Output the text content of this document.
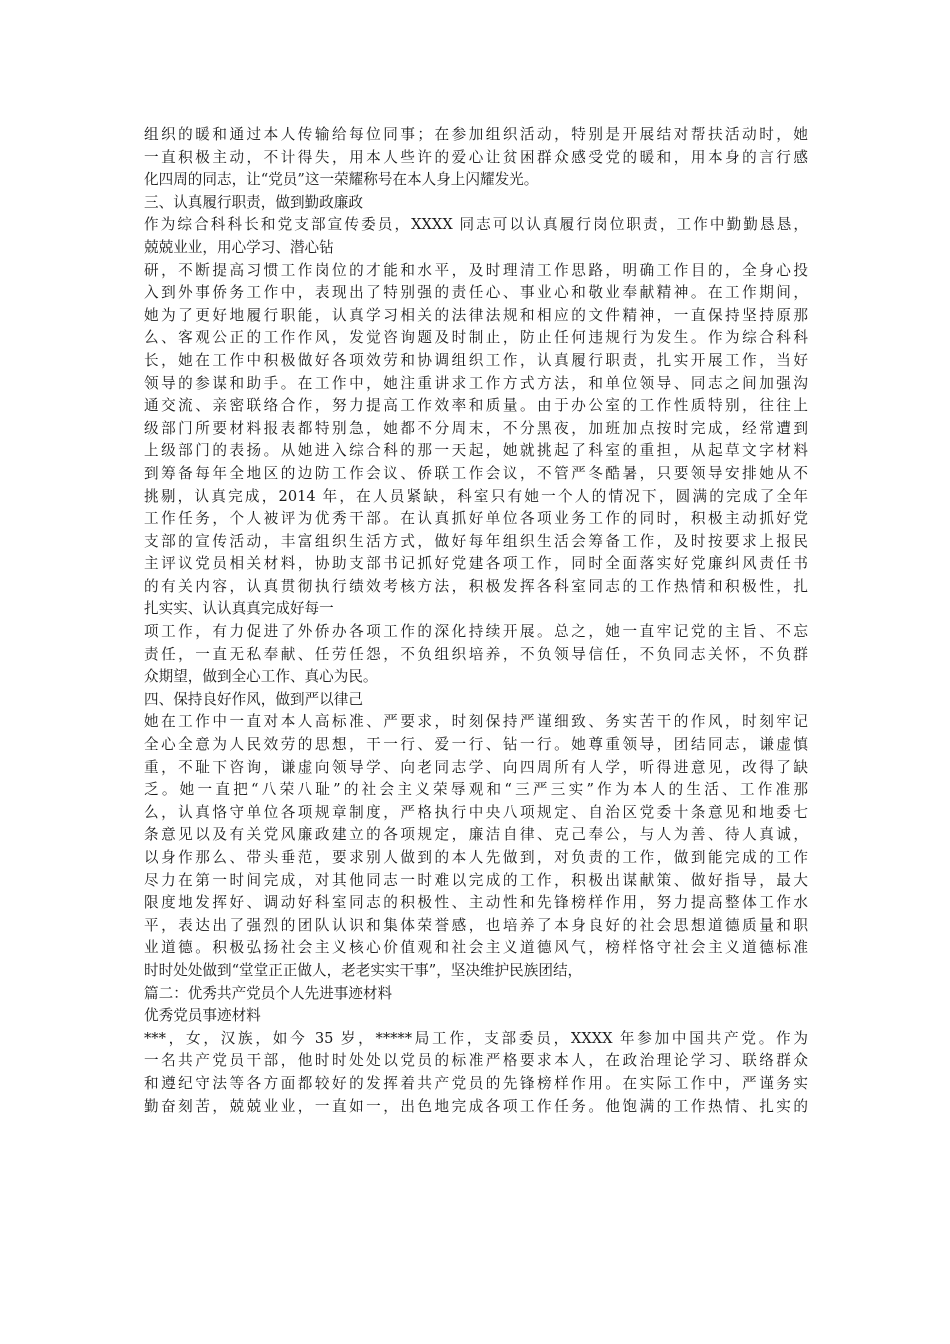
组织的暖和通过本人传输给每位同事；在参加组织活动，特别是开展结对帮扶活动时，她
一直积极主动，不计得失，用本人些许的爱心让贫困群众感受党的暖和，用本身的言行感
化四周的同志，让“党员”这一荣耀称号在本人身上闪耀发光。
三、认真履行职责，做到勤政廉政
作为综合科科长和党支部宣传委员，XXXX 同志可以认真履行岗位职责，工作中勤勤恳恳，
兢兢业业，用心学习、潜心钻
研，不断提高习惯工作岗位的才能和水平，及时理清工作思路，明确工作目的，全身心投
入到外事侨务工作中，表现出了特别强的责任心、事业心和敬业奉献精神。在工作期间，
她为了更好地履行职能，认真学习相关的法律法规和相应的文件精神，一直保持坚持原那
么、客观公正的工作作风，发觉咨询题及时制止，防止任何违规行为发生。作为综合科科
长，她在工作中积极做好各项效劳和协调组织工作，认真履行职责，扎实开展工作，当好
领导的参谋和助手。在工作中，她注重讲求工作方式方法，和单位领导、同志之间加强沟
通交流、亲密联络合作，努力提高工作效率和质量。由于办公室的工作性质特别，往往上
级部门所要材料报表都特别急，她都不分周末，不分黑夜，加班加点按时完成，经常遭到
上级部门的表扬。从她进入综合科的那一天起，她就挑起了科室的重担，从起草文字材料
到筹备每年全地区的边防工作会议、侨联工作会议，不管严冬酷暑，只要领导安排她从不
挑剔，认真完成，2014 年，在人员紧缺，科室只有她一个人的情况下，圆满的完成了全年
工作任务，个人被评为优秀干部。在认真抓好单位各项业务工作的同时，积极主动抓好党
支部的宣传活动，丰富组织生活方式，做好每年组织生活会筹备工作，及时按要求上报民
主评议党员相关材料，协助支部书记抓好党建各项工作，同时全面落实好党廉纠风责任书
的有关内容，认真贯彻执行绩效考核方法，积极发挥各科室同志的工作热情和积极性，扎
扎实实、认认真真完成好每一
项工作，有力促进了外侨办各项工作的深化持续开展。总之，她一直牢记党的主旨、不忘
责任，一直无私奉献、任劳任怨，不负组织培养，不负领导信任，不负同志关怀，不负群
众期望，做到全心工作、真心为民。
四、保持良好作风，做到严以律己
她在工作中一直对本人高标准、严要求，时刻保持严谨细致、务实苦干的作风，时刻牢记
全心全意为人民效劳的思想，干一行、爱一行、钻一行。她尊重领导，团结同志，谦虚慎
重，不耻下咨询，谦虚向领导学、向老同志学、向四周所有人学，听得进意见，改得了缺
乏。她一直把“八荣八耻”的社会主义荣辱观和“三严三实”作为本人的生活、工作准那
么，认真恪守单位各项规章制度，严格执行中央八项规定、自治区党委十条意见和地委七
条意见以及有关党风廉政建立的各项规定，廉洁自律、克己奉公，与人为善、待人真诚，
以身作那么、带头垂范，要求别人做到的本人先做到，对负责的工作，做到能完成的工作
尽力在第一时间完成，对其他同志一时难以完成的工作，积极出谋献策、做好指导，最大
限度地发挥好、调动好科室同志的积极性、主动性和先锋榜样作用，努力提高整体工作水
平，表达出了强烈的团队认识和集体荣誉感，也培养了本身良好的社会思想道德质量和职
业道德。积极弘扬社会主义核心价值观和社会主义道德风气，榜样恪守社会主义道德标准
时时处处做到“堂堂正正做人，老老实实干事”，坚决维护民族团结，
篇二：优秀共产党员个人先进事迹材料
优秀党员事迹材料
***，女，汉族，如今 35 岁，*****局工作，支部委员，XXXX 年参加中国共产党。作为
一名共产党员干部，他时时处处以党员的标准严格要求本人，在政治理论学习、联络群众
和遵纪守法等各方面都较好的发挥着共产党员的先锋榜样作用。在实际工作中，严谨务实
勤奋刻苦，兢兢业业，一直如一，出色地完成各项工作任务。他饱满的工作热情、扎实的
